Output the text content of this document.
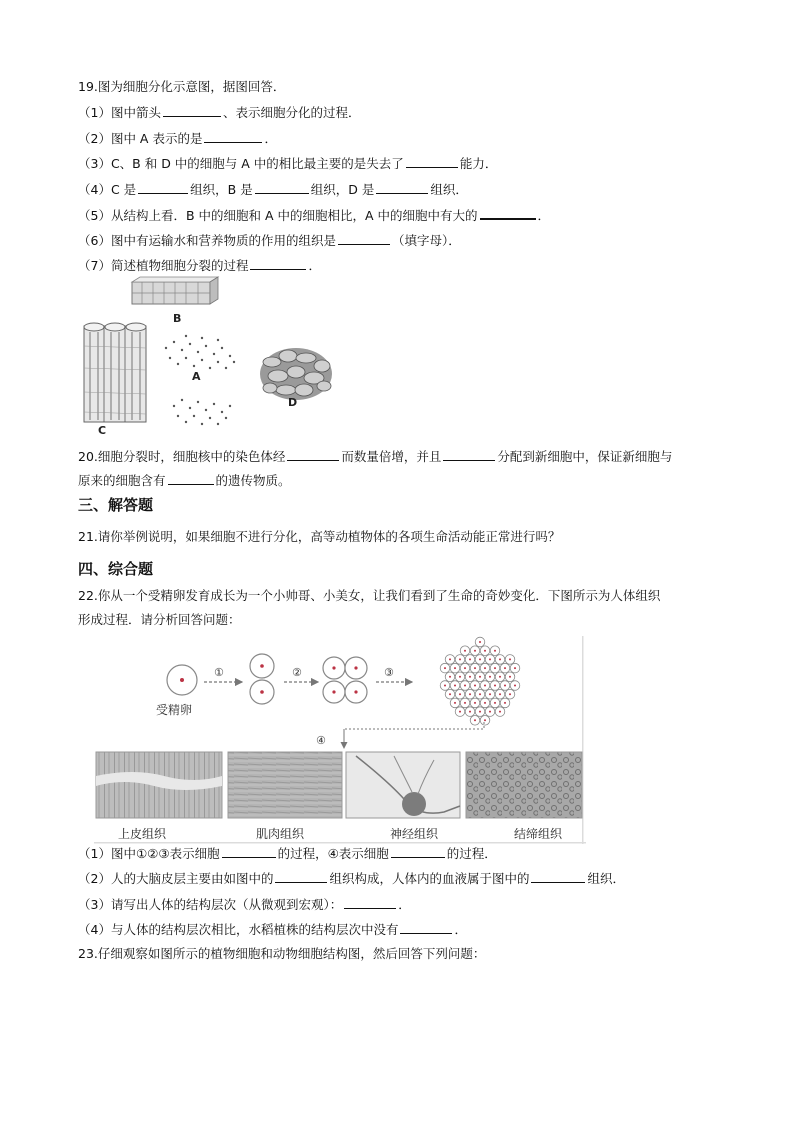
19.图为细胞分化示意图，据图回答．
（1）图中箭头	、表示细胞分化的过程．
（2）图中 A 表示的是	．
（3）C、B 和 D 中的细胞与 A 中的相比最主要的是失去了	能力．
（4）C 是	组织，B 是	组织，D 是	组织．
（5）从结构上看．B 中的细胞和 A 中的细胞相比，A 中的细胞中有大的	．
（6）图中有运输水和营养物质的作用的组织是	（填字母）．
（7）简述植物细胞分裂的过程	．
B
A
C
D
20.细胞分裂时，细胞核中的染色体经	而数量倍增，并且	分配到新细胞中，保证新细胞与
原来的细胞含有	的遗传物质。
三、解答题
21.请你举例说明，如果细胞不进行分化，高等动植物体的各项生命活动能正常进行吗？
四、综合题
22.你从一个受精卵发育成长为一个小帅哥、小美女，让我们看到了生命的奇妙变化．下图所示为人体组织
形成过程．请分析回答问题：
受精卵
①	②	③
④
上皮组织	肌肉组织	神经组织	结缔组织
（1）图中①②③表示细胞	的过程，④表示细胞	的过程．
（2）人的大脑皮层主要由如图中的	组织构成，人体内的血液属于图中的	组织．
（3）请写出人体的结构层次（从微观到宏观）：	．
（4）与人体的结构层次相比，水稻植株的结构层次中没有	．
23.仔细观察如图所示的植物细胞和动物细胞结构图，然后回答下列问题：
